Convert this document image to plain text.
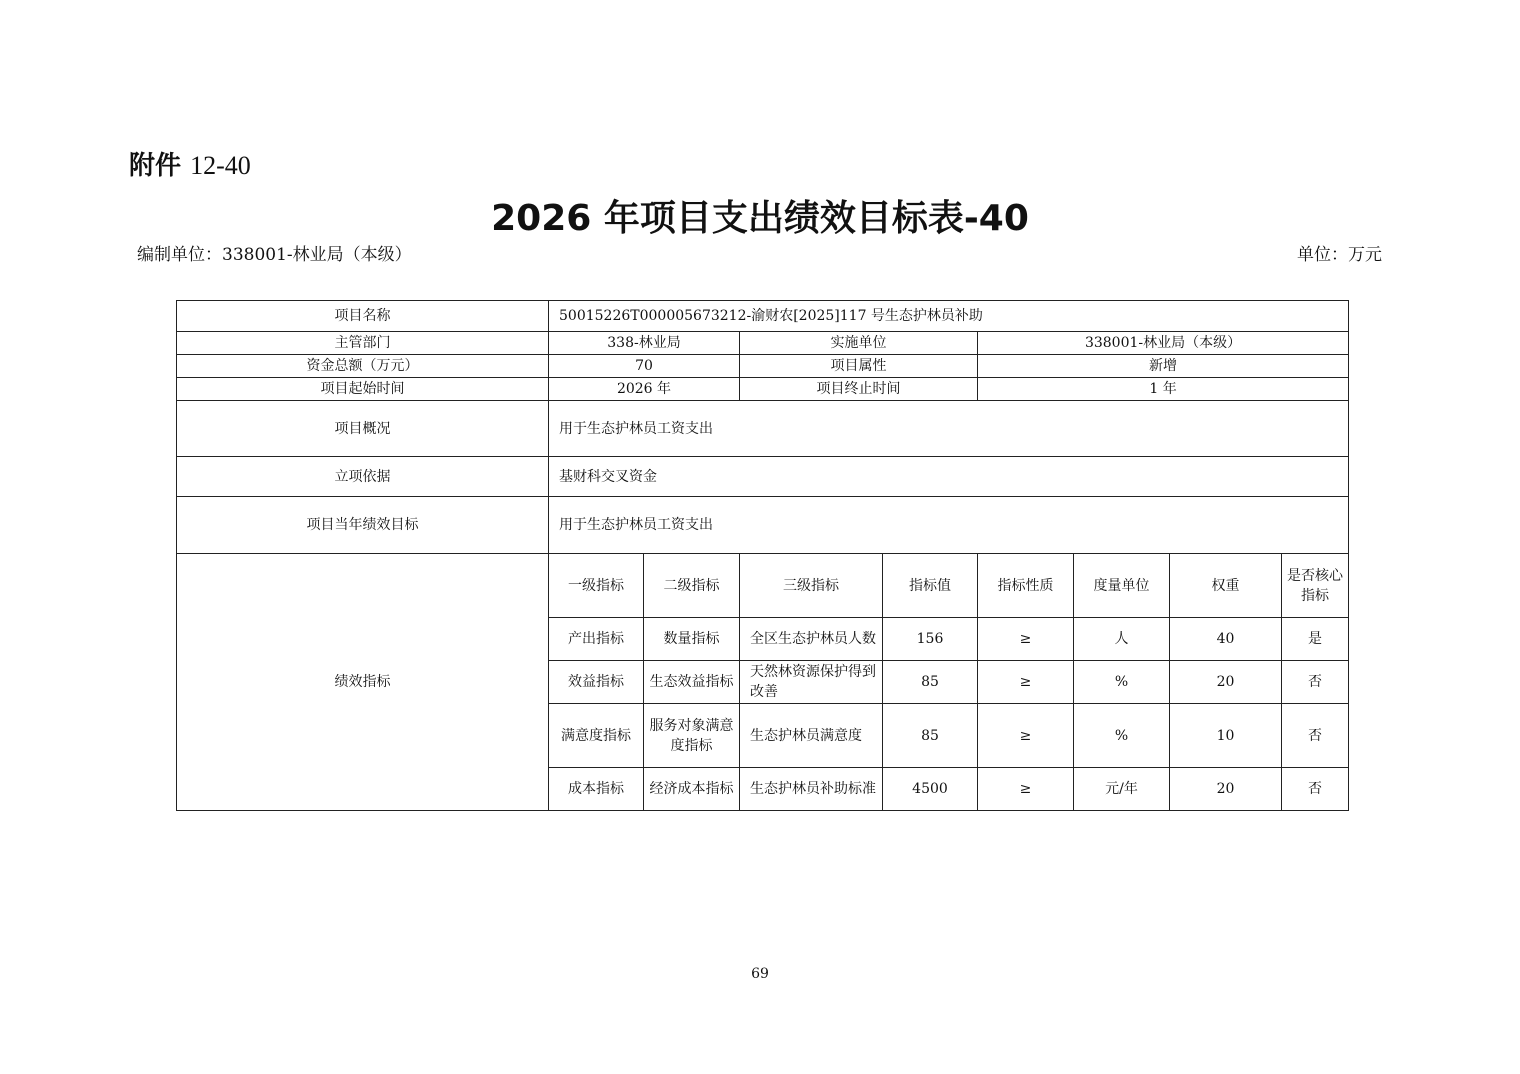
附件 12-40
2026 年项目支出绩效目标表-40
编制单位：338001-林业局（本级）	单位：万元
项目名称	50015226T000005673212-渝财农[2025]117 号生态护林员补助							
主管部门	338-林业局		实施单位		338001-林业局（本级）			
资金总额（万元）	70		项目属性		新增			
项目起始时间	2026 年		项目终止时间		1 年			
项目概况	用于生态护林员工资支出							
立项依据	基财科交叉资金							
项目当年绩效目标	用于生态护林员工资支出							
绩效指标	一级指标	二级指标	三级指标	指标值	指标性质	度量单位	权重	是否核心指标
	产出指标	数量指标	全区生态护林员人数	156	≥	人	40	是
	效益指标	生态效益指标	天然林资源保护得到改善	85	≥	%	20	否
	满意度指标	服务对象满意度指标	生态护林员满意度	85	≥	%	10	否
	成本指标	经济成本指标	生态护林员补助标准	4500	≥	元/年	20	否
69
